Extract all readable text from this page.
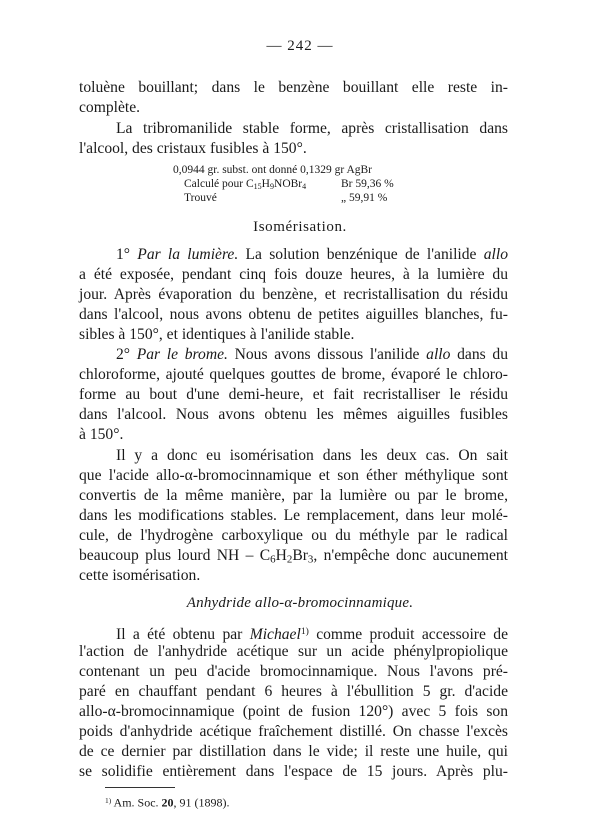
— 242 —
toluène bouillant; dans le benzène bouillant elle reste in-
complète.
La tribromanilide stable forme, après cristallisation dans
l'alcool, des cristaux fusibles à 150°.
0,0944 gr. subst. ont donné 0,1329 gr AgBr
Calculé pour $C_{15}H_9NOBr_4$	Br 59,36 %
Trouvé	„ 59,91 %
Isomérisation.
1° Par la lumière. La solution benzénique de l'anilide allo
a été exposée, pendant cinq fois douze heures, à la lumière du
jour. Après évaporation du benzène, et recristallisation du résidu
dans l'alcool, nous avons obtenu de petites aiguilles blanches, fu-
sibles à 150°, et identiques à l'anilide stable.
2° Par le brome. Nous avons dissous l'anilide allo dans du
chloroforme, ajouté quelques gouttes de brome, évaporé le chloro-
forme au bout d'une demi-heure, et fait recristalliser le résidu
dans l'alcool. Nous avons obtenu les mêmes aiguilles fusibles
à 150°.
Il y a donc eu isomérisation dans les deux cas. On sait
que l'acide allo-α-bromocinnamique et son éther méthylique sont
convertis de la même manière, par la lumière ou par le brome,
dans les modifications stables. Le remplacement, dans leur molé-
cule, de l'hydrogène carboxylique ou du méthyle par le radical
beaucoup plus lourd NH – $C_6H_2Br_3$, n'empêche donc aucunement
cette isomérisation.
Anhydride allo-α-bromocinnamique.
Il a été obtenu par Michael$^{1)}$ comme produit accessoire de
l'action de l'anhydride acétique sur un acide phénylpropiolique
contenant un peu d'acide bromocinnamique. Nous l'avons pré-
paré en chauffant pendant 6 heures à l'ébullition 5 gr. d'acide
allo-α-bromocinnamique (point de fusion 120°) avec 5 fois son
poids d'anhydride acétique fraîchement distillé. On chasse l'excès
de ce dernier par distillation dans le vide; il reste une huile, qui
se solidifie entièrement dans l'espace de 15 jours. Après plu-
$^{1)}$ Am. Soc. 20, 91 (1898).
